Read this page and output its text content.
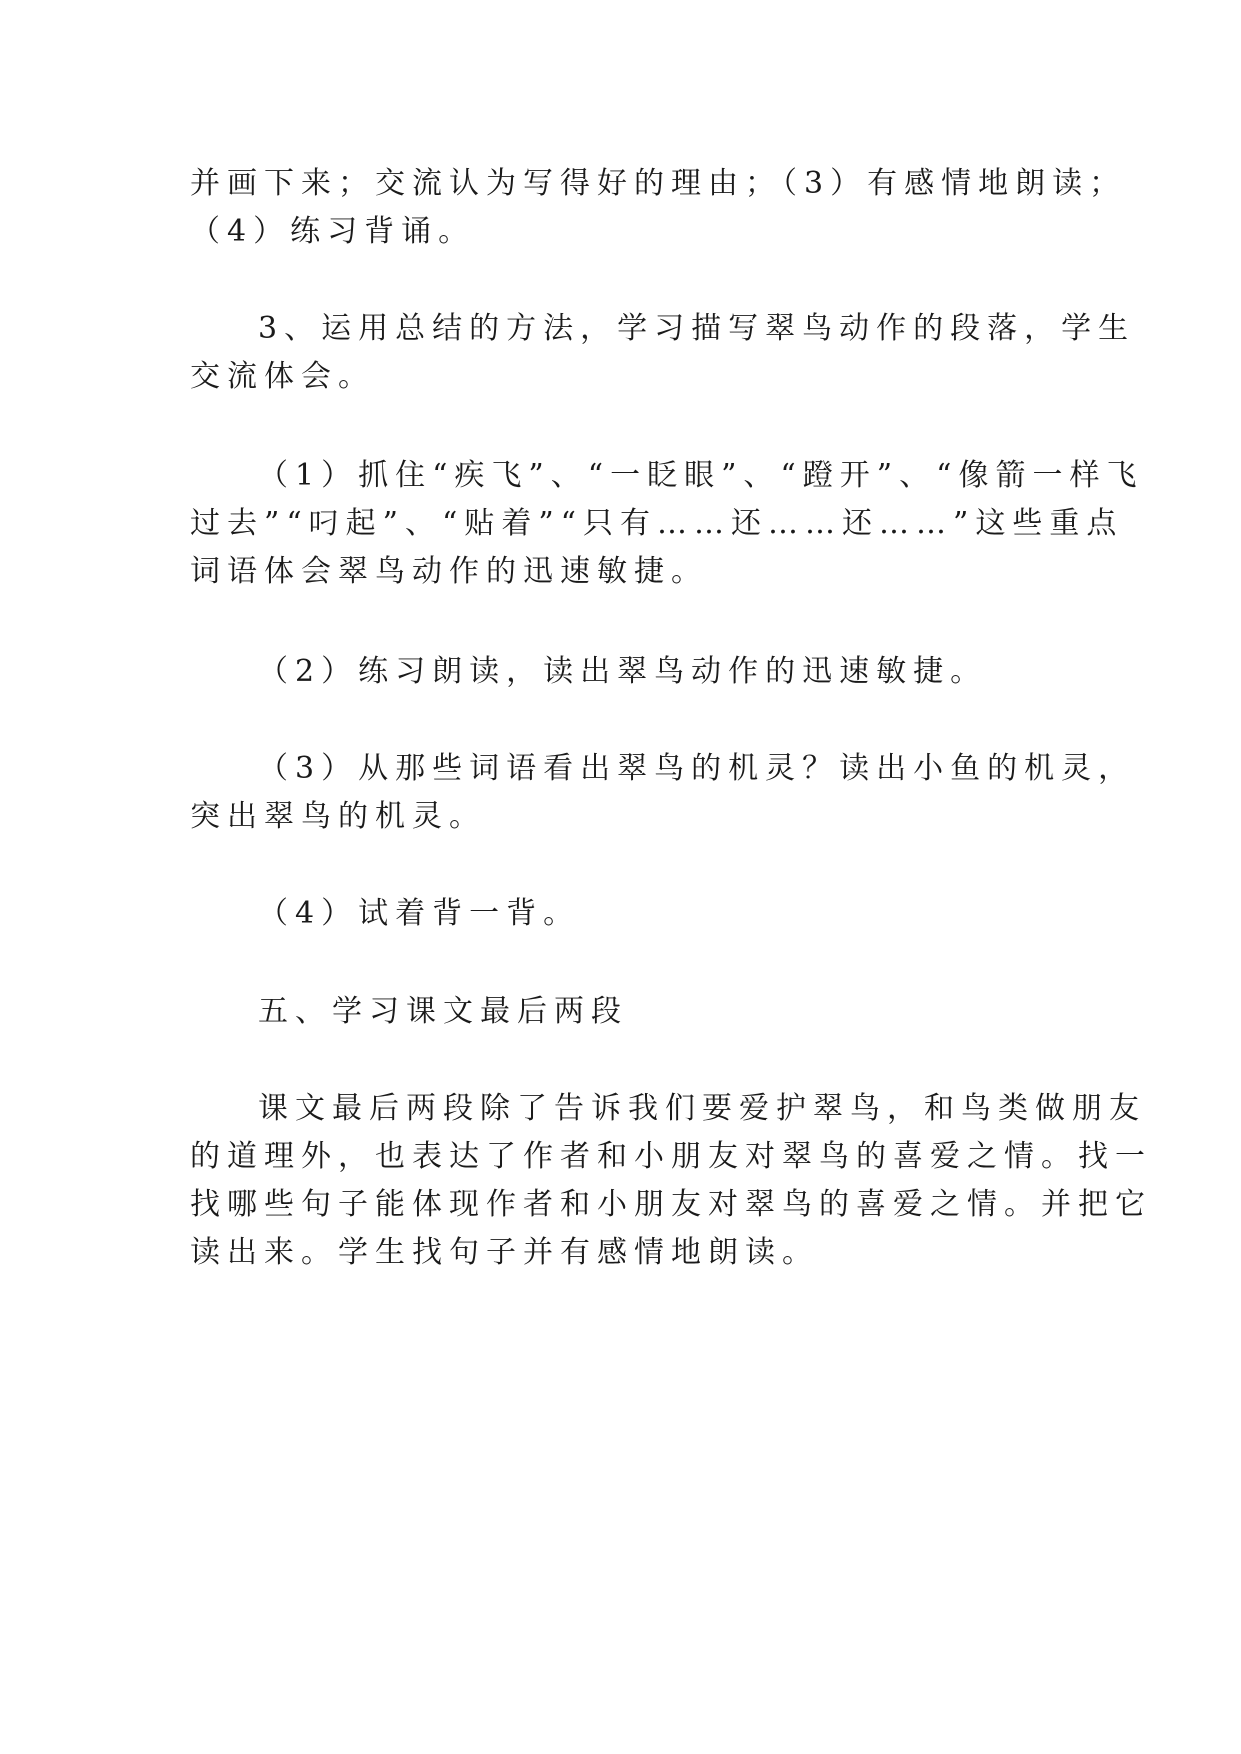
并画下来；交流认为写得好的理由；（3）有感情地朗读；
（4）练习背诵。

3、运用总结的方法，学习描写翠鸟动作的段落，学生
交流体会。

（1）抓住“疾飞”、“一眨眼”、“蹬开”、“像箭一样飞
过去”“叼起”、“贴着”“只有……还……还……”这些重点
词语体会翠鸟动作的迅速敏捷。

（2）练习朗读，读出翠鸟动作的迅速敏捷。

（3）从那些词语看出翠鸟的机灵？读出小鱼的机灵，
突出翠鸟的机灵。

（4）试着背一背。

五、学习课文最后两段

课文最后两段除了告诉我们要爱护翠鸟，和鸟类做朋友
的道理外，也表达了作者和小朋友对翠鸟的喜爱之情。找一
找哪些句子能体现作者和小朋友对翠鸟的喜爱之情。并把它
读出来。学生找句子并有感情地朗读。
